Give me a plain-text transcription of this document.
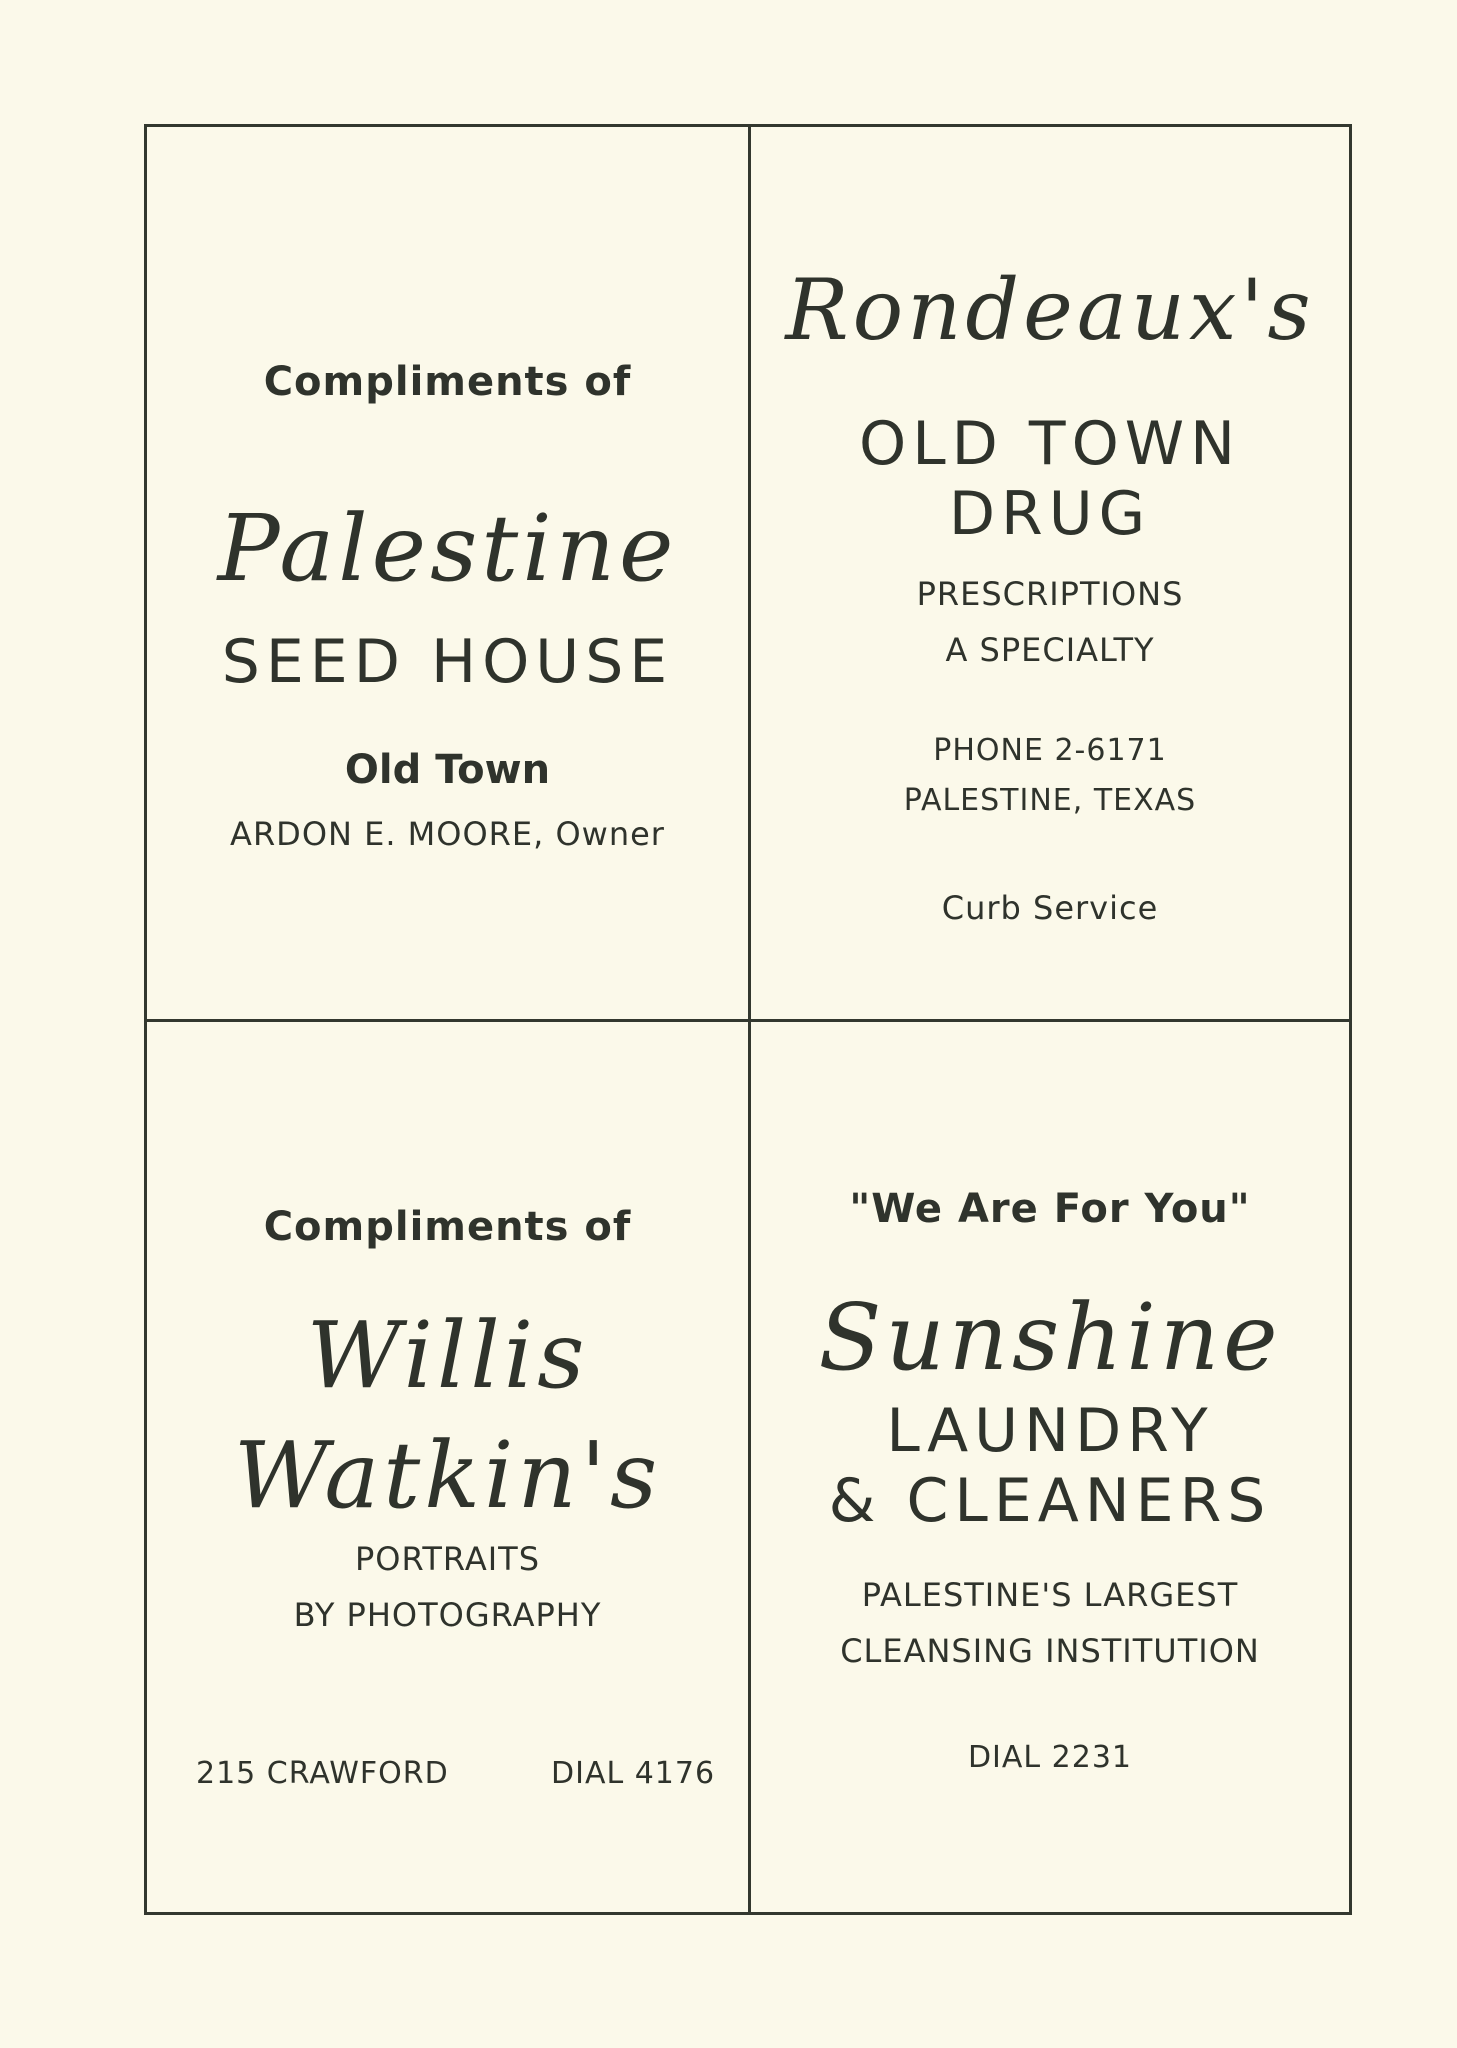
Compliments of
Palestine
SEED HOUSE
Old Town
ARDON E. MOORE, Owner
Rondeaux's
OLD TOWN
DRUG
PRESCRIPTIONS
A SPECIALTY
PHONE 2-6171
PALESTINE, TEXAS
Curb Service
Compliments of
Willis
Watkin's
PORTRAITS
BY PHOTOGRAPHY
215 CRAWFORD	DIAL 4176
"We Are For You"
Sunshine
LAUNDRY
& CLEANERS
PALESTINE'S LARGEST
CLEANSING INSTITUTION
DIAL 2231
